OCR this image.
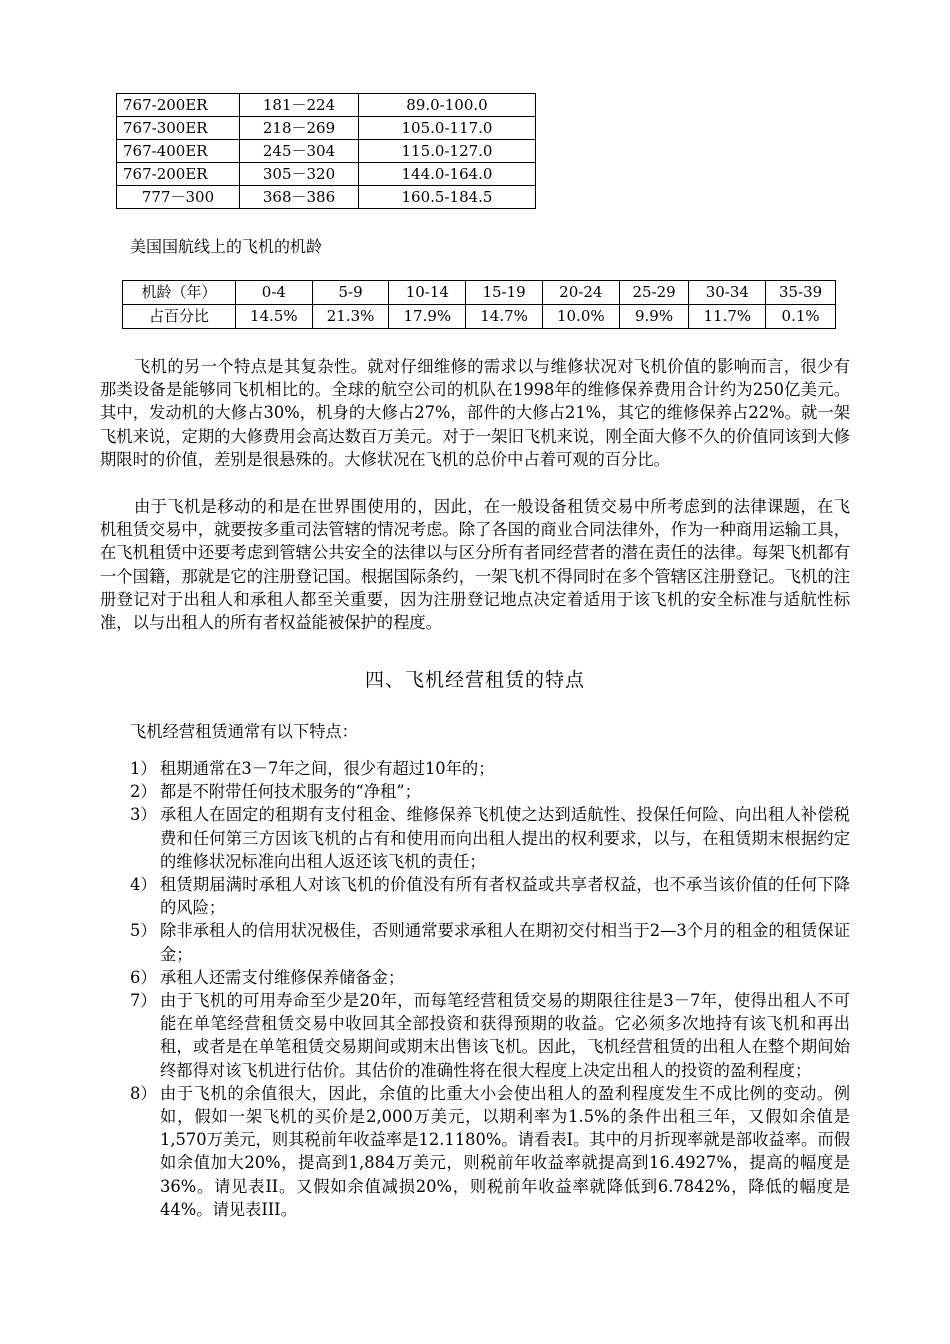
767-200ER	181－224	89.0-100.0
767-300ER	218－269	105.0-117.0
767-400ER	245－304	115.0-127.0
767-200ER	305－320	144.0-164.0
777－300	368－386	160.5-184.5
美国国航线上的飞机的机龄
机龄（年）	0-4	5-9	10-14	15-19	20-24	25-29	30-34	35-39
占百分比	14.5%	21.3%	17.9%	14.7%	10.0%	9.9%	11.7%	0.1%

飞机的另一个特点是其复杂性。就对仔细维修的需求以与维修状况对飞机价值的影响而言，很少有那类设备是能够同飞机相比的。全球的航空公司的机队在1998年的维修保养费用合计约为250亿美元。其中，发动机的大修占30%，机身的大修占27%，部件的大修占21%，其它的维修保养占22%。就一架飞机来说，定期的大修费用会高达数百万美元。对于一架旧飞机来说，刚全面大修不久的价值同该到大修期限时的价值，差别是很悬殊的。大修状况在飞机的总价中占着可观的百分比。

由于飞机是移动的和是在世界围使用的，因此，在一般设备租赁交易中所考虑到的法律课题，在飞机租赁交易中，就要按多重司法管辖的情况考虑。除了各国的商业合同法律外，作为一种商用运输工具，在飞机租赁中还要考虑到管辖公共安全的法律以与区分所有者同经营者的潜在责任的法律。每架飞机都有一个国籍，那就是它的注册登记国。根据国际条约，一架飞机不得同时在多个管辖区注册登记。飞机的注册登记对于出租人和承租人都至关重要，因为注册登记地点决定着适用于该飞机的安全标准与适航性标准，以与出租人的所有者权益能被保护的程度。

四、飞机经营租赁的特点
飞机经营租赁通常有以下特点：
1） 租期通常在3－7年之间，很少有超过10年的；
2） 都是不附带任何技术服务的“净租”；
3） 承租人在固定的租期有支付租金、维修保养飞机使之达到适航性、投保任何险、向出租人补偿税费和任何第三方因该飞机的占有和使用而向出租人提出的权利要求，以与，在租赁期末根据约定的维修状况标准向出租人返还该飞机的责任；
4） 租赁期届满时承租人对该飞机的价值没有所有者权益或共享者权益，也不承当该价值的任何下降的风险；
5） 除非承租人的信用状况极佳，否则通常要求承租人在期初交付相当于2—3个月的租金的租赁保证金；
6） 承租人还需支付维修保养储备金；
7） 由于飞机的可用寿命至少是20年，而每笔经营租赁交易的期限往往是3－7年，使得出租人不可能在单笔经营租赁交易中收回其全部投资和获得预期的收益。它必须多次地持有该飞机和再出租，或者是在单笔租赁交易期间或期末出售该飞机。因此，飞机经营租赁的出租人在整个期间始终都得对该飞机进行估价。其估价的准确性将在很大程度上决定出租人的投资的盈利程度；
8） 由于飞机的余值很大，因此，余值的比重大小会使出租人的盈利程度发生不成比例的变动。例如，假如一架飞机的买价是2,000万美元，以期利率为1.5%的条件出租三年，又假如余值是1,570万美元，则其税前年收益率是12.1180%。请看表I。其中的月折现率就是部收益率。而假如余值加大20%，提高到1,884万美元，则税前年收益率就提高到16.4927%，提高的幅度是36%。请见表II。又假如余值减损20%，则税前年收益率就降低到6.7842%，降低的幅度是44%。请见表III。
